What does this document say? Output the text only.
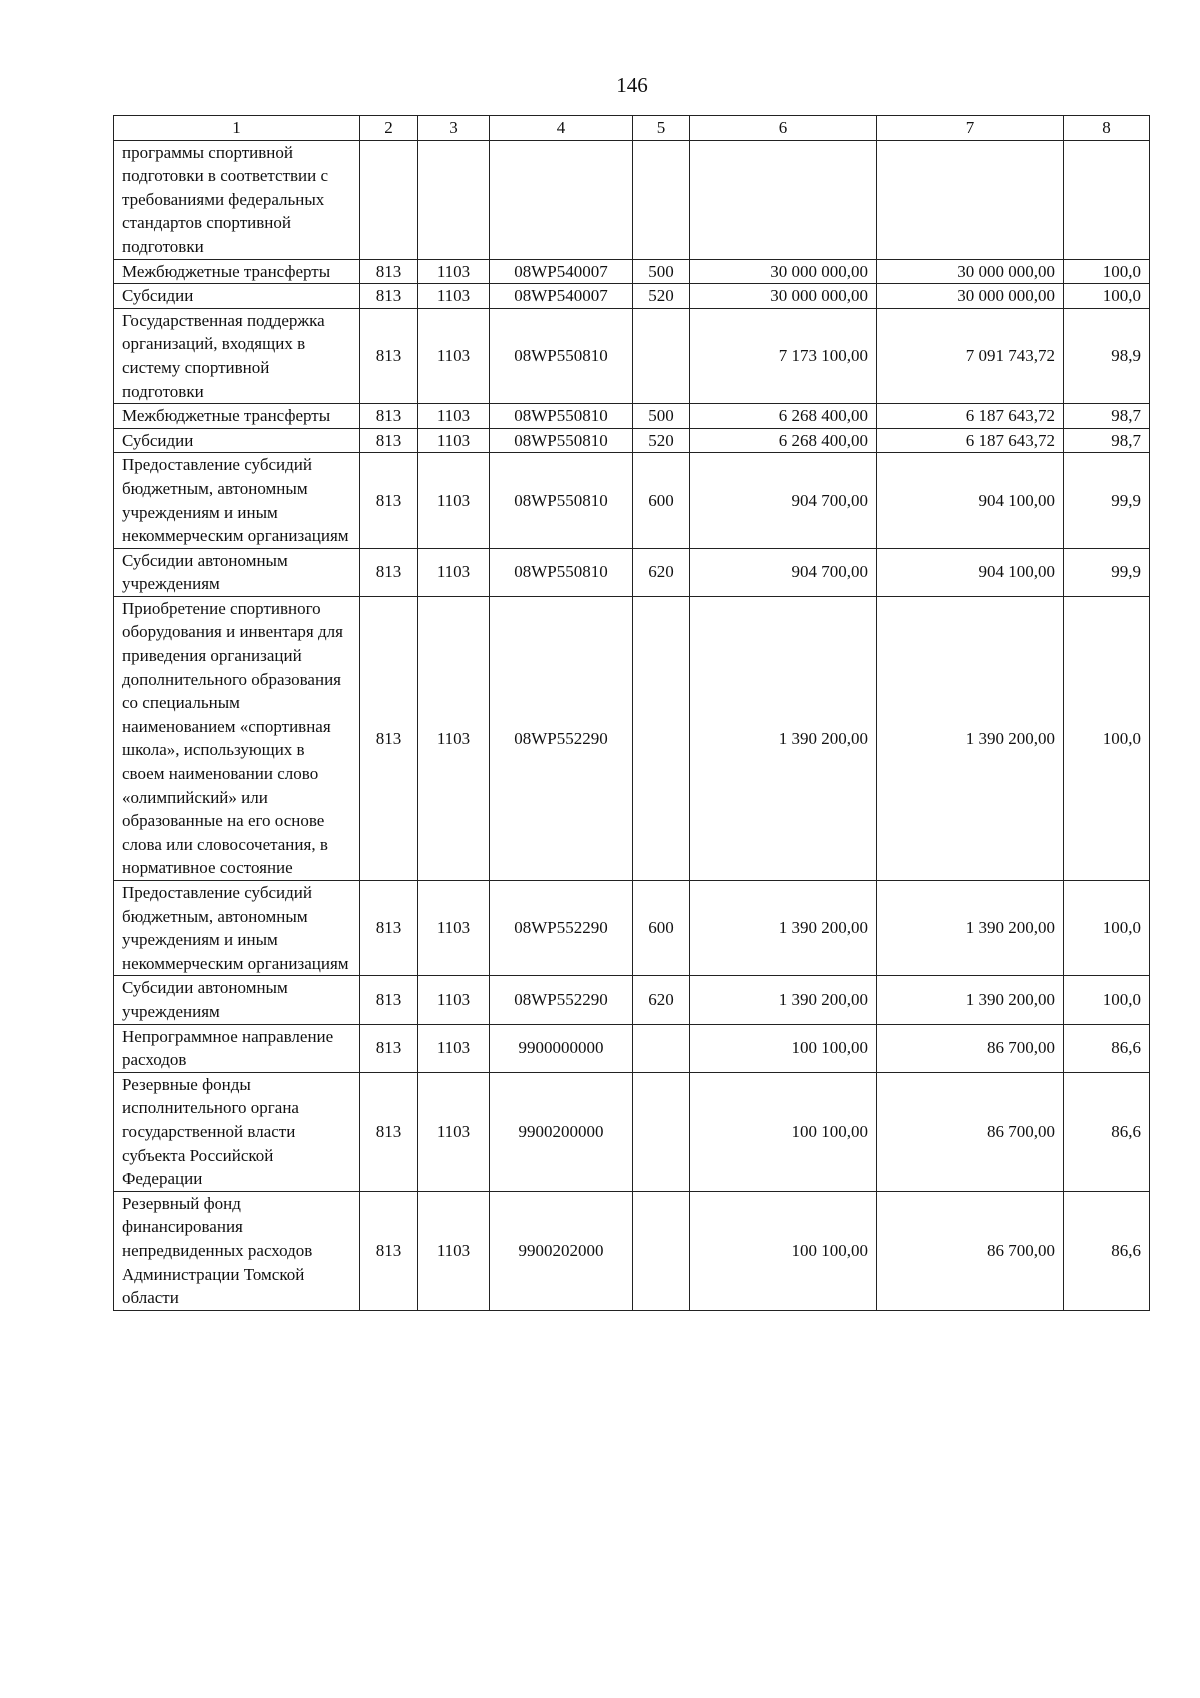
146
1	2	3	4	5	6	7	8
программы спортивной подготовки в соответствии с требованиями федеральных стандартов спортивной подготовки							
Межбюджетные трансферты	813	1103	08WP540007	500	30 000 000,00	30 000 000,00	100,0
Субсидии	813	1103	08WP540007	520	30 000 000,00	30 000 000,00	100,0
Государственная поддержка организаций, входящих в систему спортивной подготовки	813	1103	08WP550810		7 173 100,00	7 091 743,72	98,9
Межбюджетные трансферты	813	1103	08WP550810	500	6 268 400,00	6 187 643,72	98,7
Субсидии	813	1103	08WP550810	520	6 268 400,00	6 187 643,72	98,7
Предоставление субсидий бюджетным, автономным учреждениям и иным некоммерческим организациям	813	1103	08WP550810	600	904 700,00	904 100,00	99,9
Субсидии автономным учреждениям	813	1103	08WP550810	620	904 700,00	904 100,00	99,9
Приобретение спортивного оборудования и инвентаря для приведения организаций дополнительного образования со специальным наименованием «спортивная школа», использующих в своем наименовании слово «олимпийский» или образованные на его основе слова или словосочетания, в нормативное состояние	813	1103	08WP552290		1 390 200,00	1 390 200,00	100,0
Предоставление субсидий бюджетным, автономным учреждениям и иным некоммерческим организациям	813	1103	08WP552290	600	1 390 200,00	1 390 200,00	100,0
Субсидии автономным учреждениям	813	1103	08WP552290	620	1 390 200,00	1 390 200,00	100,0
Непрограммное направление расходов	813	1103	9900000000		100 100,00	86 700,00	86,6
Резервные фонды исполнительного органа государственной власти субъекта Российской Федерации	813	1103	9900200000		100 100,00	86 700,00	86,6
Резервный фонд финансирования непредвиденных расходов Администрации Томской области	813	1103	9900202000		100 100,00	86 700,00	86,6
